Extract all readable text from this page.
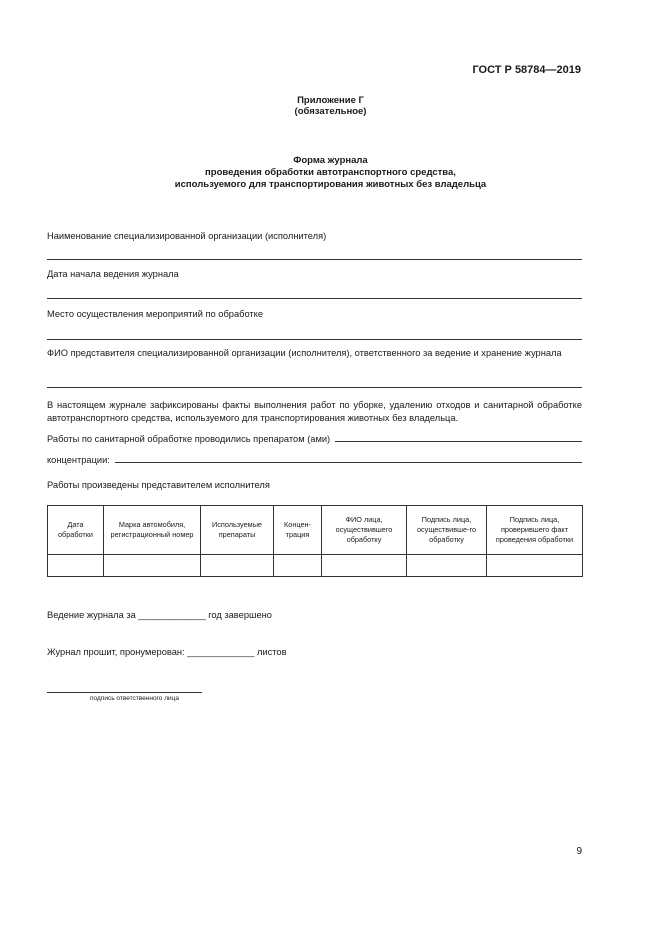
ГОСТ Р 58784—2019
Приложение Г
(обязательное)
Форма журнала
проведения обработки автотранспортного средства,
используемого для транспортирования животных без владельца
Наименование специализированной организации (исполнителя)
Дата начала ведения журнала
Место осуществления мероприятий по обработке
ФИО представителя специализированной организации (исполнителя), ответственного за ведение и хранение журнала
В настоящем журнале зафиксированы факты выполнения работ по уборке, удалению отходов и санитарной обработке автотранспортного средства, используемого для транспортирования животных без владельца.
Работы по санитарной обработке проводились препаратом (ами)
концентрации:
Работы произведены представителем исполнителя
Дата обработки	Марка автомобиля, регистрационный номер	Используемые препараты	Концен-трация	ФИО лица, осуществившего обработку	Подпись лица, осуществивше-го обработку	Подпись лица, проверившего факт проведения обработки

Ведение журнала за _____________ год завершено
Журнал прошит, пронумерован: _____________ листов
подпись ответственного лица
9
